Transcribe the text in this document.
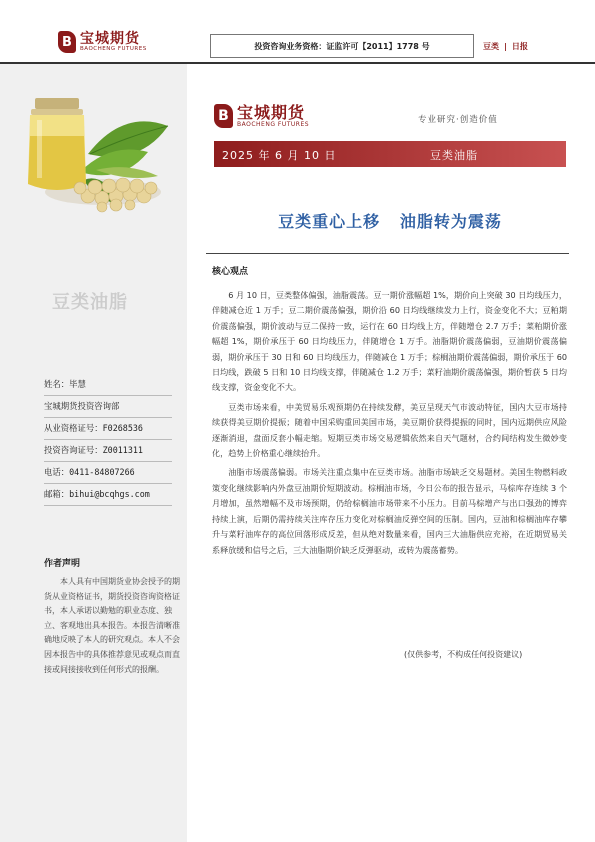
B 宝城期货
BAOCHENG FUTURES	投资咨询业务资格：证监许可【2011】1778 号	豆类 | 日报
豆类油脂
姓名：毕慧
宝城期货投资咨询部
从业资格证号：F0268536
投资咨询证号：Z0011311
电话：0411-84807266
邮箱：bihui@bcqhgs.com
作者声明
本人具有中国期货业协会授予的期货从业资格证书，期货投资咨询资格证书，本人承诺以勤勉的职业态度、独立、客观地出具本报告。本报告清晰准确地反映了本人的研究观点。本人不会因本报告中的具体推荐意见或观点而直接或间接接收到任何形式的报酬。
B 宝城期货
BAOCHENG FUTURES	专业研究·创造价值
2025 年 6 月 10 日	豆类油脂
豆类重心上移   油脂转为震荡
核心观点

6 月 10 日，豆类整体偏强，油脂震荡。豆一期价涨幅超 1%，期价向上突破 30 日均线压力，伴随减仓近 1 万手；豆二期价震荡偏强，期价沿 60 日均线继续发力上行，资金变化不大；豆粕期价震荡偏强，期价波动与豆二保持一致，运行在 60 日均线上方，伴随增仓 2.7 万手；菜粕期价涨幅超 1%，期价承压于 60 日均线压力，伴随增仓 1 万手。油脂期价震荡偏弱，豆油期价震荡偏弱，期价承压于 30 日和 60 日均线压力，伴随减仓 1 万手；棕榈油期价震荡偏弱，期价承压于 60 日均线，跌破 5 日和 10 日均线支撑，伴随减仓 1.2 万手；菜籽油期价震荡偏强，期价暂获 5 日均线支撑，资金变化不大。

豆类市场来看，中美贸易乐观预期仍在持续发酵，美豆呈现天气市波动特征，国内大豆市场持续获得美豆期价提振；随着中国采购重回美国市场，美豆期价获得提振的同时，国内远期供应风险逐渐消退，盘面反套小幅走缩。短期豆类市场交易逻辑依然来自天气题材，合约间结构发生微妙变化，趋势上价格重心继续抬升。

油脂市场震荡偏弱。市场关注重点集中在豆类市场。油脂市场缺乏交易题材。美国生物燃料政策变化继续影响内外盘豆油期价短期波动。棕榈油市场，今日公布的报告显示，马棕库存连续 3 个月增加，虽然增幅不及市场预期，仍给棕榈油市场带来不小压力。目前马棕增产与出口强劲的博弈持续上演，后期仍需持续关注库存压力变化对棕榈油反弹空间的压制。国内，豆油和棕榈油库存攀升与菜籽油库存的高位回落形成反差，但从绝对数量来看，国内三大油脂供应充裕，在近期贸易关系释放缓和信号之后，三大油脂期价缺乏反弹驱动，或转为震荡蓄势。

(仅供参考，不构成任何投资建议)
